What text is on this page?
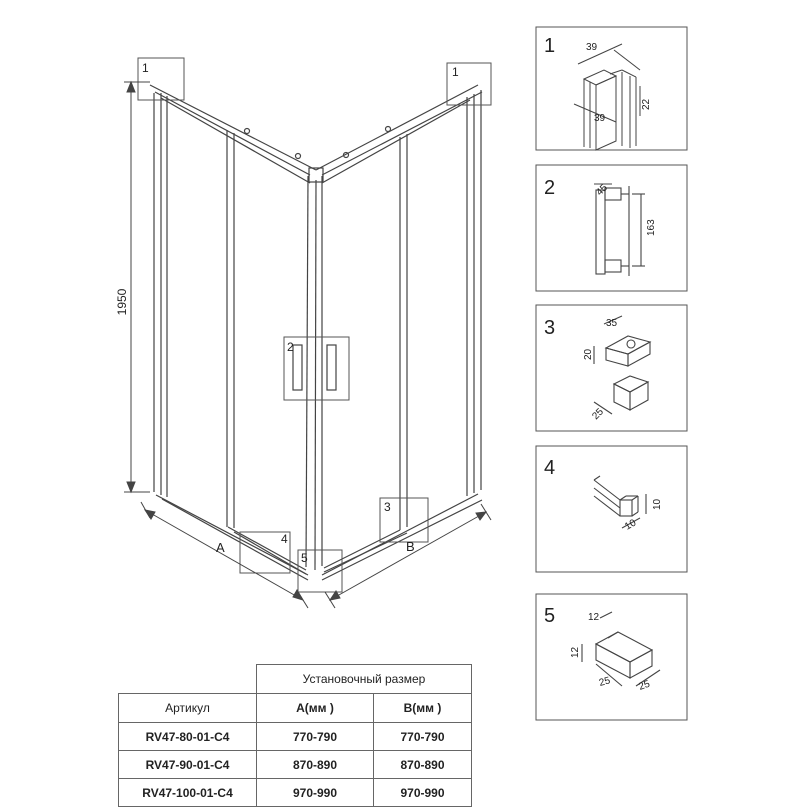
1	1
2
3
4
5
1950
A	B
1
2
3
4
5
39
39
22
45
163
35
20
25
10
10
12
12
25	25
	Установочный размер	
Артикул	А(мм )	В(мм )
RV47-80-01-C4	770-790	770-790
RV47-90-01-C4	870-890	870-890
RV47-100-01-C4	970-990	970-990
